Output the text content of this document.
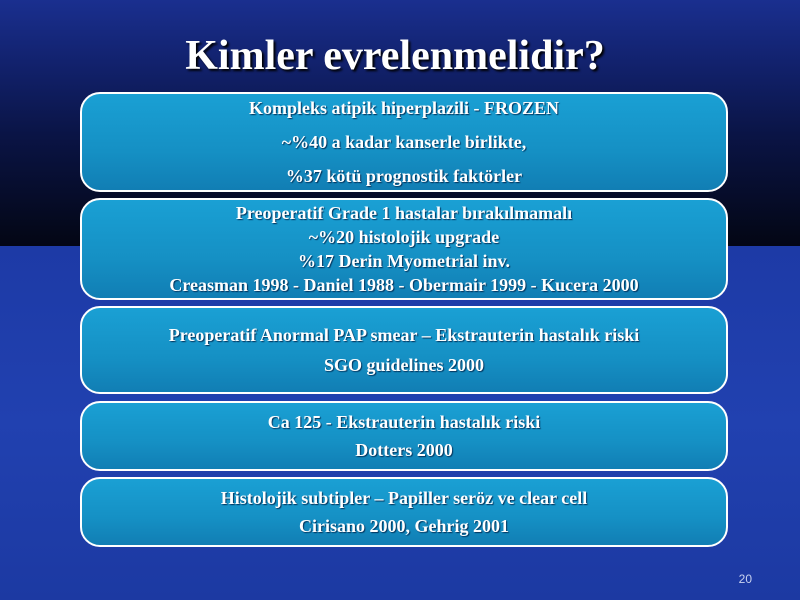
Kimler evrelenmelidir?
Kompleks atipik hiperplazili - FROZEN
~%40 a kadar kanserle birlikte,
%37 kötü prognostik faktörler
Preoperatif Grade 1 hastalar bırakılmamalı
~%20 histolojik upgrade
%17 Derin Myometrial inv.
Creasman 1998 - Daniel 1988 - Obermair 1999 - Kucera 2000
Preoperatif Anormal PAP smear – Ekstrauterin hastalık riski
SGO guidelines 2000
Ca 125 - Ekstrauterin hastalık riski
Dotters 2000
Histolojik subtipler – Papiller seröz ve clear cell
Cirisano 2000, Gehrig 2001
20
